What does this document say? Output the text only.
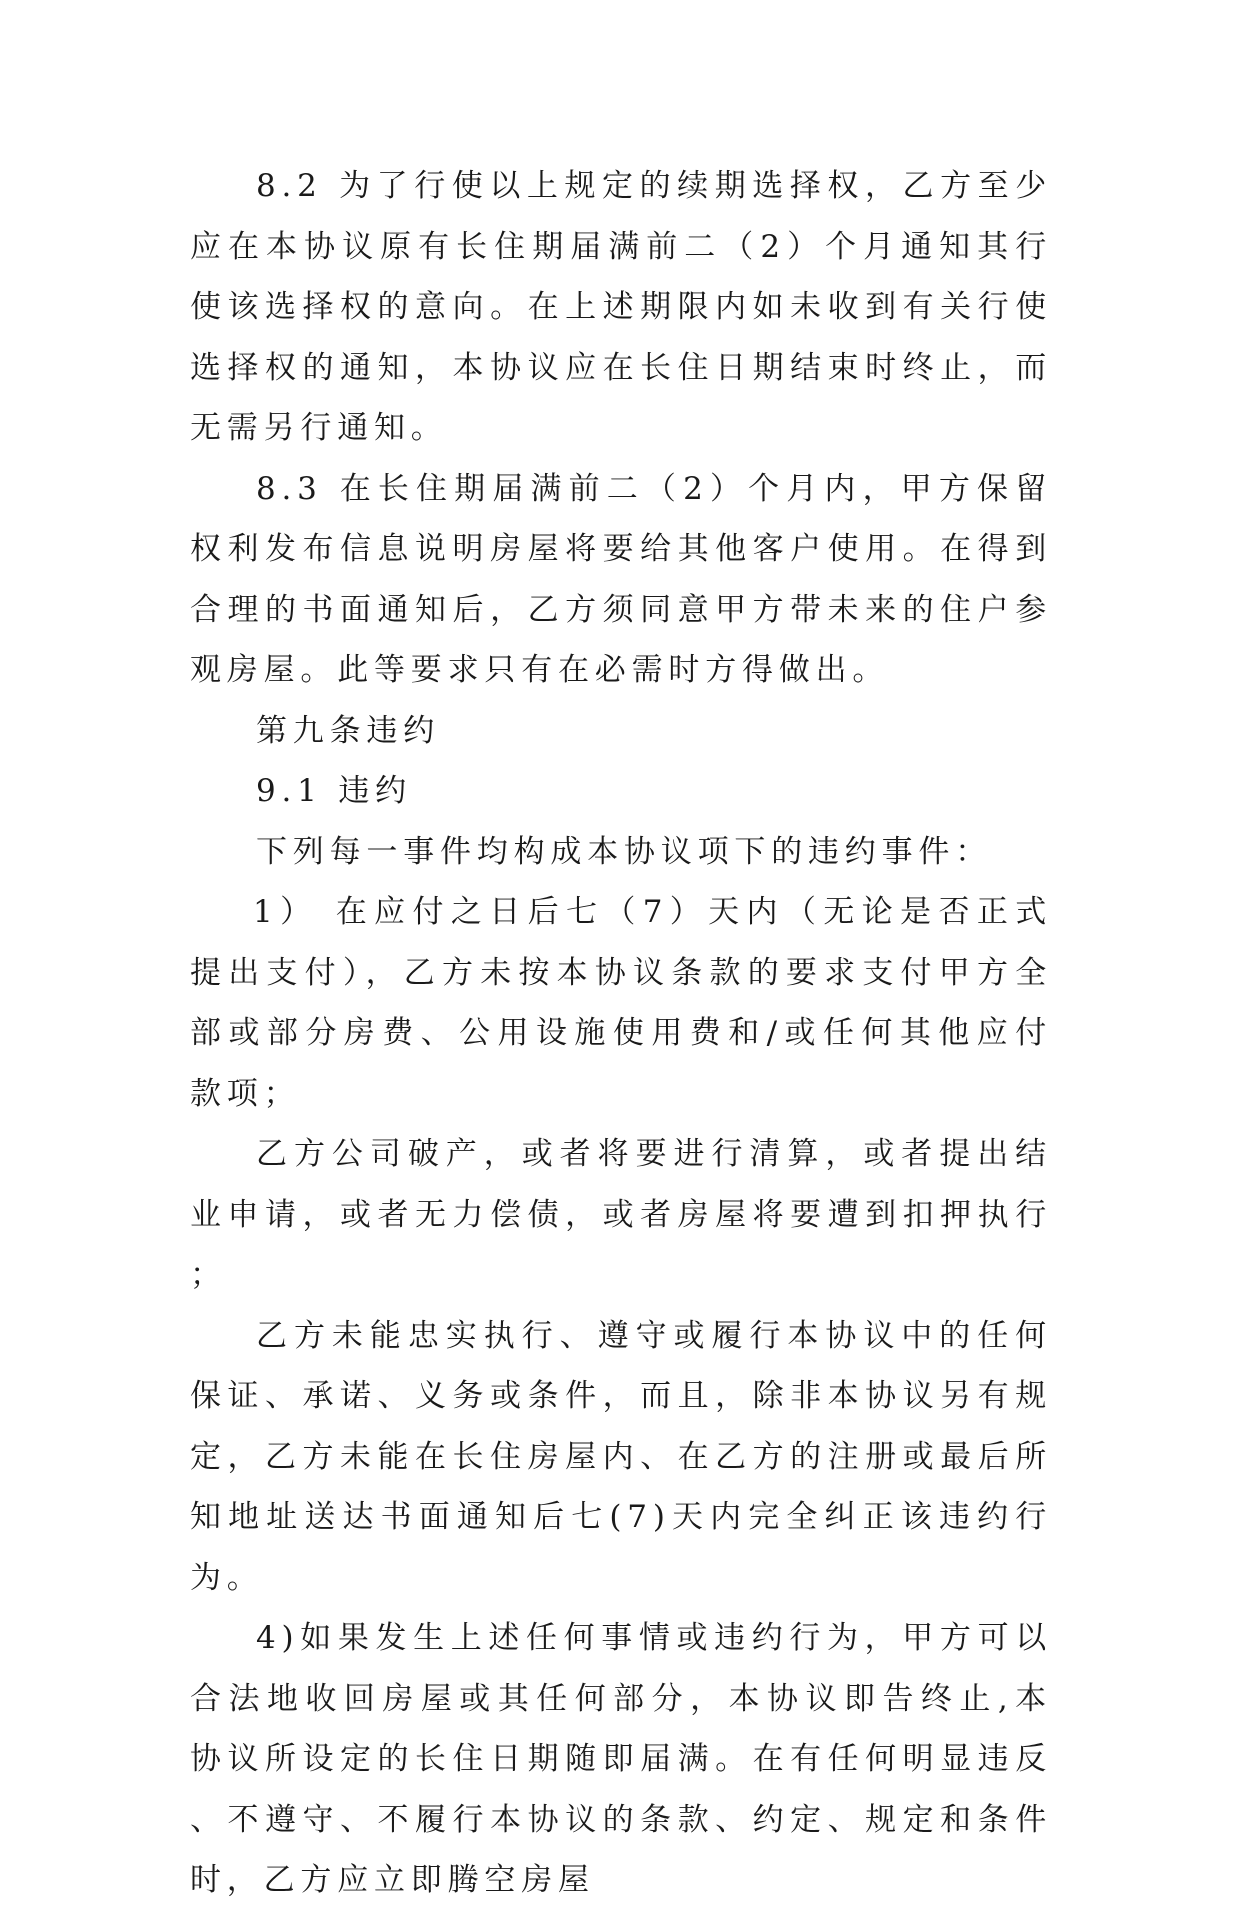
8.2 为了行使以上规定的续期选择权，乙方至少应在本协议原有长住期届满前二（2）个月通知其行使该选择权的意向。在上述期限内如未收到有关行使选择权的通知，本协议应在长住日期结束时终止，而无需另行通知。

8.3 在长住期届满前二（2）个月内，甲方保留权利发布信息说明房屋将要给其他客户使用。在得到合理的书面通知后，乙方须同意甲方带未来的住户参观房屋。此等要求只有在必需时方得做出。

第九条违约

9.1 违约

下列每一事件均构成本协议项下的违约事件：

1） 在应付之日后七（7）天内（无论是否正式提出支付），乙方未按本协议条款的要求支付甲方全部或部分房费、公用设施使用费和/或任何其他应付款项；

乙方公司破产，或者将要进行清算，或者提出结业申请，或者无力偿债，或者房屋将要遭到扣押执行；

乙方未能忠实执行、遵守或履行本协议中的任何保证、承诺、义务或条件，而且，除非本协议另有规定，乙方未能在长住房屋内、在乙方的注册或最后所知地址送达书面通知后七(7)天内完全纠正该违约行为。

4)如果发生上述任何事情或违约行为，甲方可以合法地收回房屋或其任何部分，本协议即告终止,本协议所设定的长住日期随即届满。在有任何明显违反、不遵守、不履行本协议的条款、约定、规定和条件时，乙方应立即腾空房屋
